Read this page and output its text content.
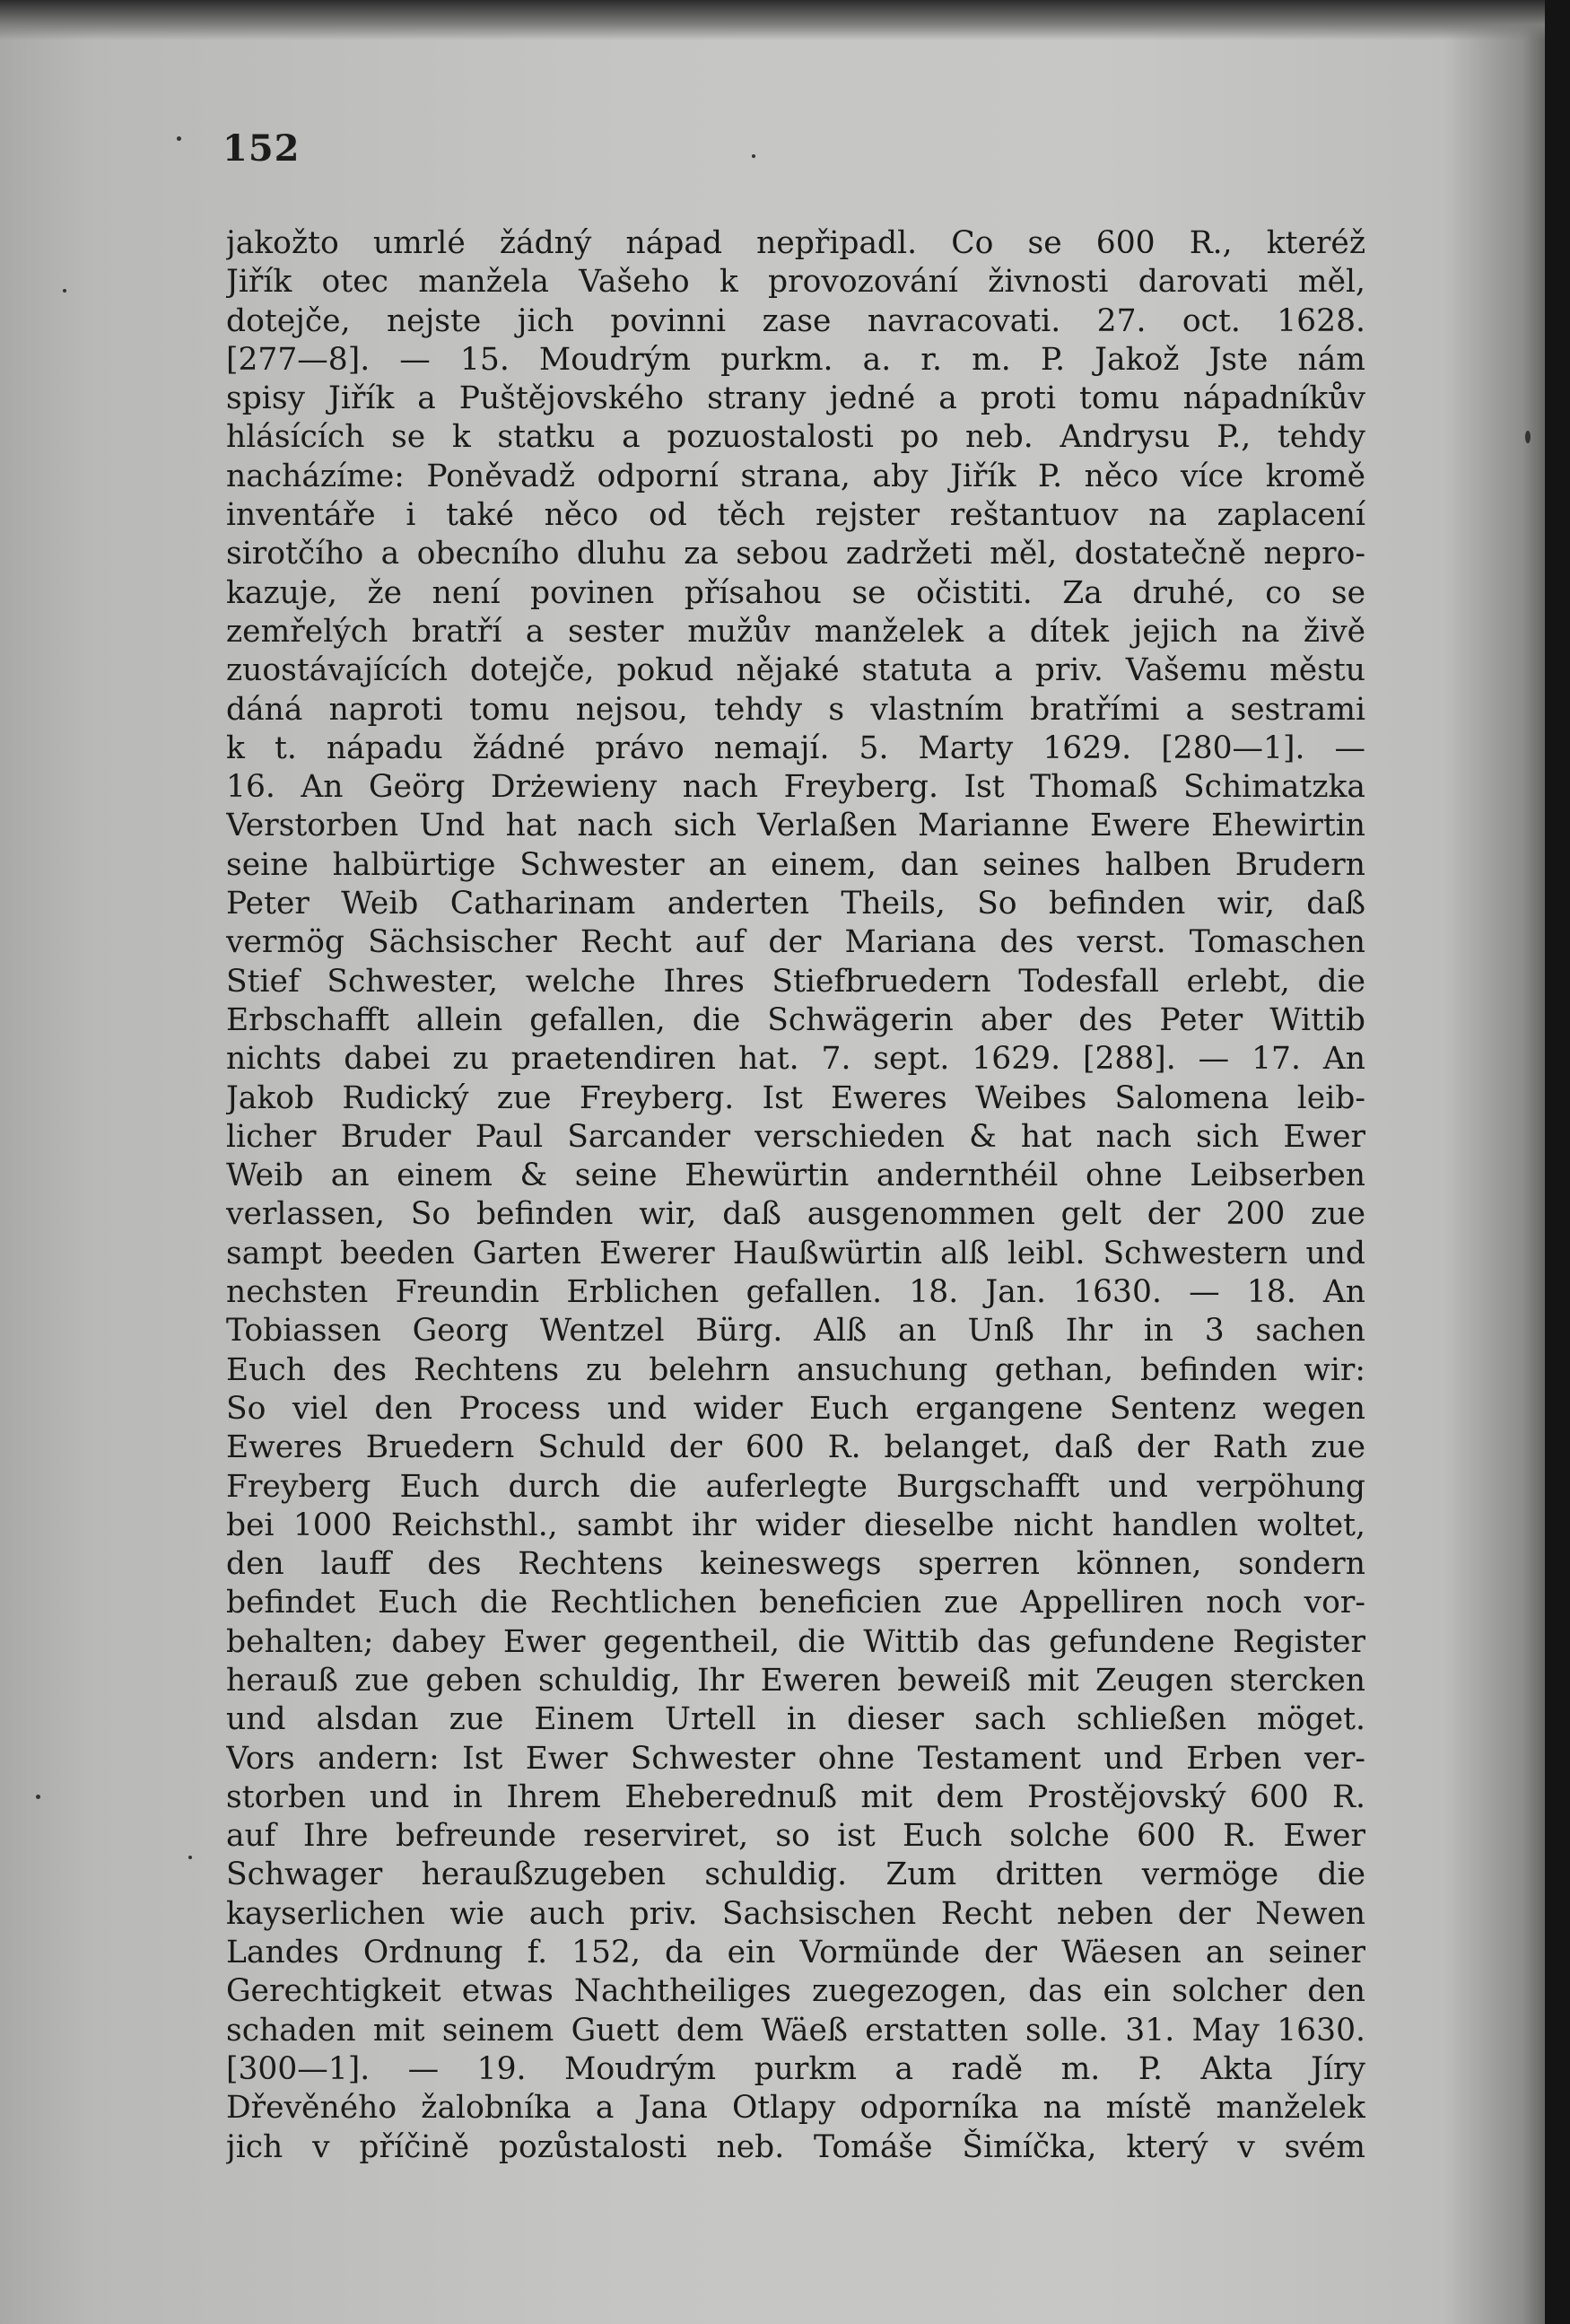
152
jakožto umrlé žádný nápad nepřipadl. Co se 600 R., kteréž
Jiřík otec manžela Vašeho k provozování živnosti darovati měl,
dotejče, nejste jich povinni zase navracovati. 27. oct. 1628.
[277—8]. — 15. Moudrým purkm. a. r. m. P. Jakož Jste nám
spisy Jiřík a Puštějovského strany jedné a proti tomu nápadníkův
hlásících se k statku a pozuostalosti po neb. Andrysu P., tehdy
nacházíme: Poněvadž odporní strana, aby Jiřík P. něco více kromě
inventáře i také něco od těch rejster reštantuov na zaplacení
sirotčího a obecního dluhu za sebou zadržeti měl, dostatečně nepro-
kazuje, že není povinen přísahou se očistiti. Za druhé, co se
zemřelých bratří a sester mužův manželek a dítek jejich na živě
zuostávajících dotejče, pokud nějaké statuta a priv. Vašemu městu
dáná naproti tomu nejsou, tehdy s vlastním bratřími a sestrami
k t. nápadu žádné právo nemají. 5. Marty 1629. [280—1]. —
16. An Geörg Drżewieny nach Freyberg. Ist Thomaß Schimatzka
Verstorben Und hat nach sich Verlaßen Marianne Ewere Ehewirtin
seine halbürtige Schwester an einem, dan seines halben Brudern
Peter Weib Catharinam anderten Theils, So befinden wir, daß
vermög Sächsischer Recht auf der Mariana des verst. Tomaschen
Stief Schwester, welche Ihres Stiefbruedern Todesfall erlebt, die
Erbschafft allein gefallen, die Schwägerin aber des Peter Wittib
nichts dabei zu praetendiren hat. 7. sept. 1629. [288]. — 17. An
Jakob Rudický zue Freyberg. Ist Eweres Weibes Salomena leib-
licher Bruder Paul Sarcander verschieden & hat nach sich Ewer
Weib an einem & seine Ehewürtin andernthéil ohne Leibserben
verlassen, So befinden wir, daß ausgenommen gelt der 200 zue
sampt beeden Garten Ewerer Haußwürtin alß leibl. Schwestern und
nechsten Freundin Erblichen gefallen. 18. Jan. 1630. — 18. An
Tobiassen Georg Wentzel Bürg. Alß an Unß Ihr in 3 sachen
Euch des Rechtens zu belehrn ansuchung gethan, befinden wir:
So viel den Process und wider Euch ergangene Sentenz wegen
Eweres Bruedern Schuld der 600 R. belanget, daß der Rath zue
Freyberg Euch durch die auferlegte Burgschafft und verpöhung
bei 1000 Reichsthl., sambt ihr wider dieselbe nicht handlen woltet,
den lauff des Rechtens keineswegs sperren können, sondern
befindet Euch die Rechtlichen beneficien zue Appelliren noch vor-
behalten; dabey Ewer gegentheil, die Wittib das gefundene Register
herauß zue geben schuldig, Ihr Eweren beweiß mit Zeugen stercken
und alsdan zue Einem Urtell in dieser sach schließen möget.
Vors andern: Ist Ewer Schwester ohne Testament und Erben ver-
storben und in Ihrem Eheberednuß mit dem Prostějovský 600 R.
auf Ihre befreunde reserviret, so ist Euch solche 600 R. Ewer
Schwager heraußzugeben schuldig. Zum dritten vermöge die
kayserlichen wie auch priv. Sachsischen Recht neben der Newen
Landes Ordnung f. 152, da ein Vormünde der Wäesen an seiner
Gerechtigkeit etwas Nachtheiliges zuegezogen, das ein solcher den
schaden mit seinem Guett dem Wäeß erstatten solle. 31. May 1630.
[300—1]. — 19. Moudrým purkm a radě m. P. Akta Jíry
Dřevěného žalobníka a Jana Otlapy odporníka na místě manželek
jich v příčině pozůstalosti neb. Tomáše Šimíčka, který v svém
